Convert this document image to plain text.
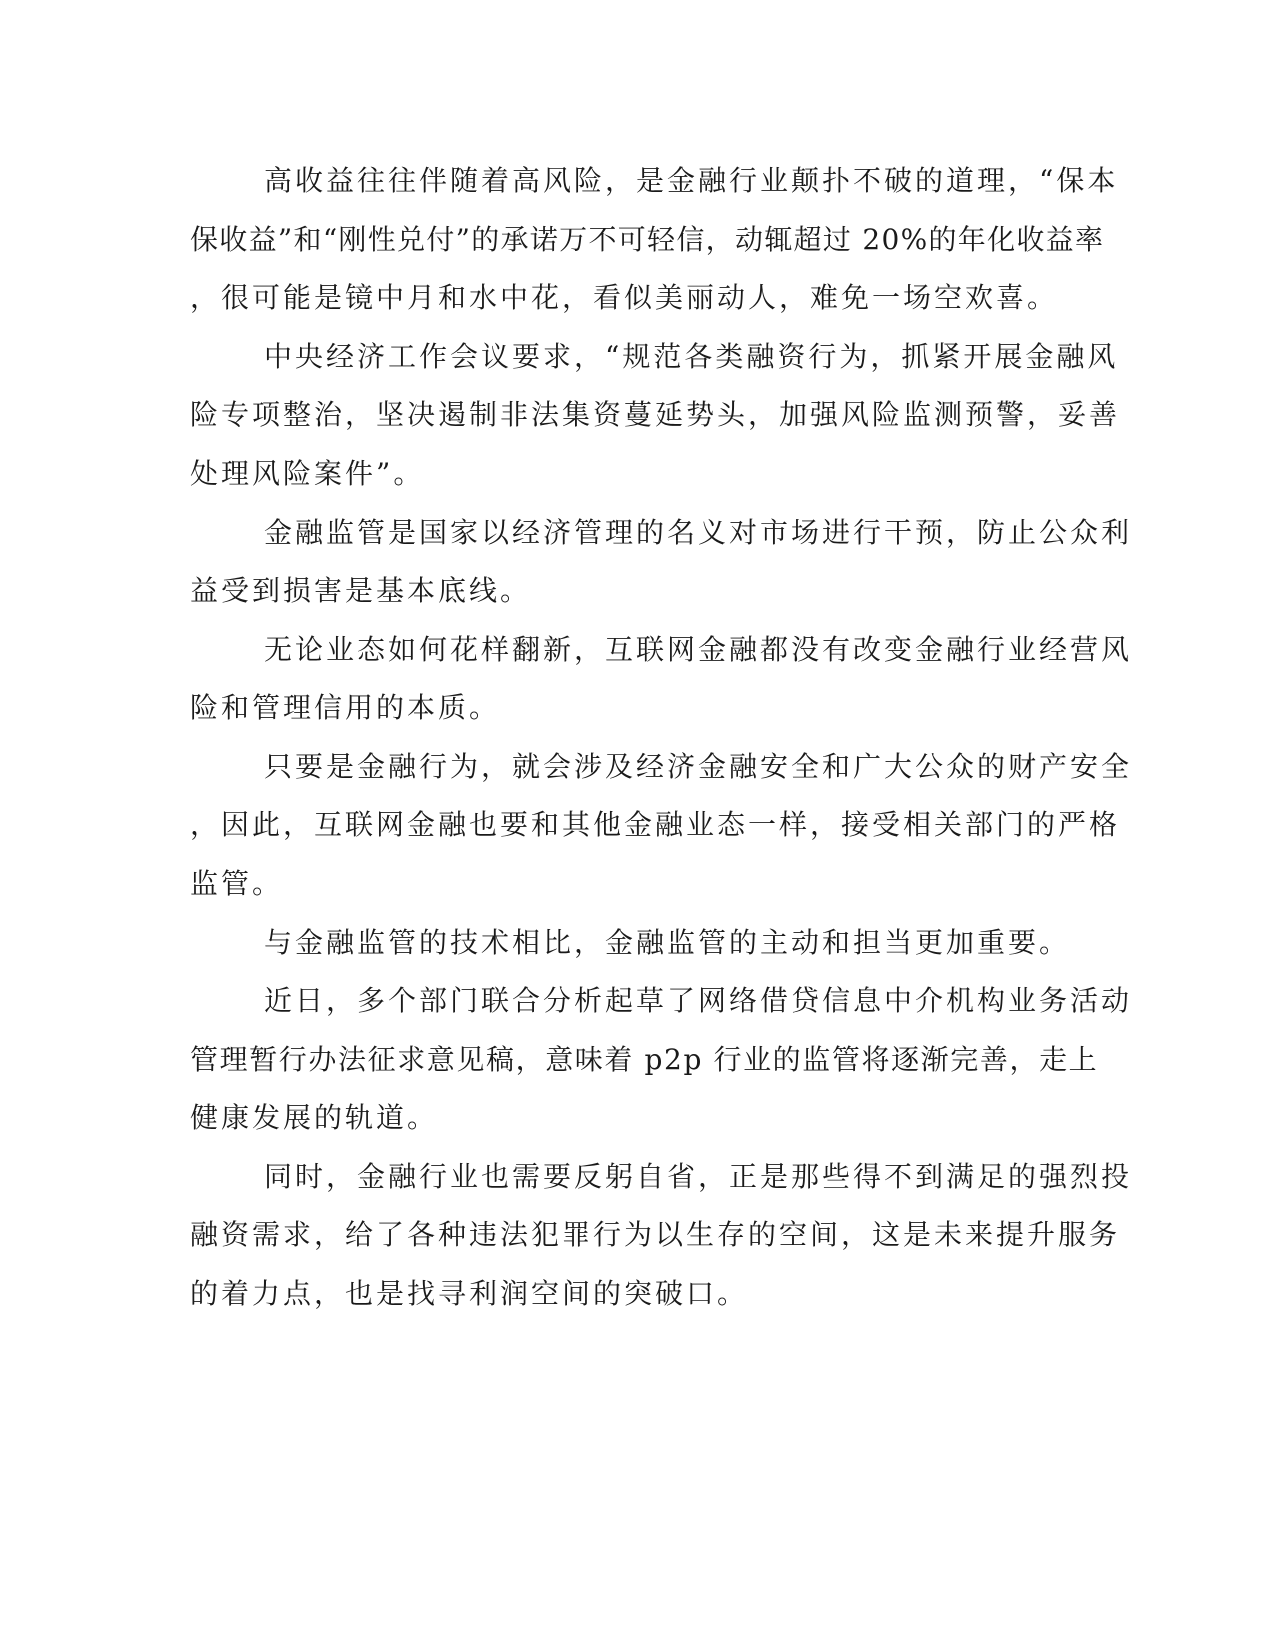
高收益往往伴随着高风险，是金融行业颠扑不破的道理，“保本
保收益”和“刚性兑付”的承诺万不可轻信，动辄超过 20%的年化收益率
，很可能是镜中月和水中花，看似美丽动人，难免一场空欢喜。
中央经济工作会议要求，“规范各类融资行为，抓紧开展金融风
险专项整治，坚决遏制非法集资蔓延势头，加强风险监测预警，妥善
处理风险案件”。
金融监管是国家以经济管理的名义对市场进行干预，防止公众利
益受到损害是基本底线。
无论业态如何花样翻新，互联网金融都没有改变金融行业经营风
险和管理信用的本质。
只要是金融行为，就会涉及经济金融安全和广大公众的财产安全
，因此，互联网金融也要和其他金融业态一样，接受相关部门的严格
监管。
与金融监管的技术相比，金融监管的主动和担当更加重要。
近日，多个部门联合分析起草了网络借贷信息中介机构业务活动
管理暂行办法征求意见稿，意味着 p2p 行业的监管将逐渐完善，走上
健康发展的轨道。
同时，金融行业也需要反躬自省，正是那些得不到满足的强烈投
融资需求，给了各种违法犯罪行为以生存的空间，这是未来提升服务
的着力点，也是找寻利润空间的突破口。
